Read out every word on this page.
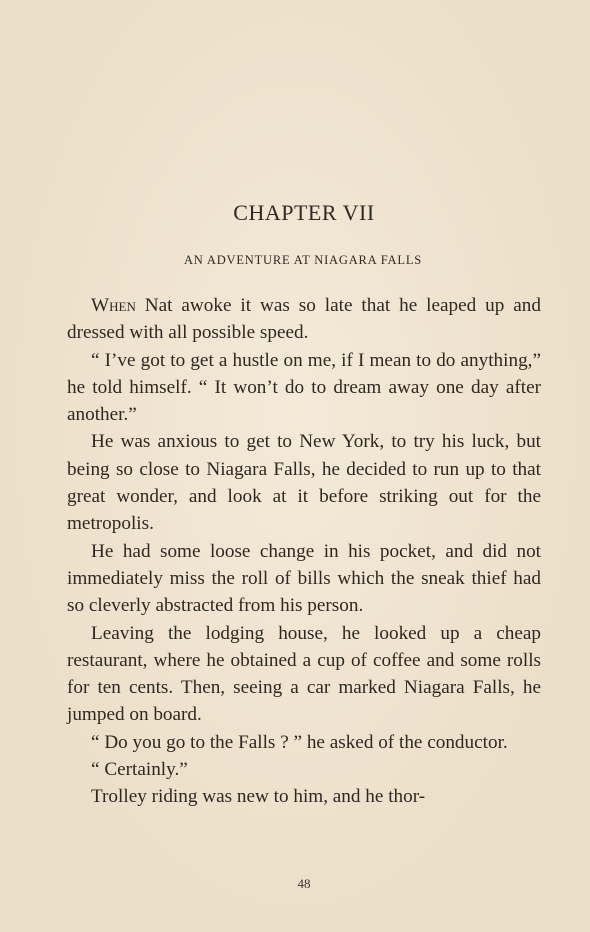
CHAPTER VII
AN ADVENTURE AT NIAGARA FALLS

When Nat awoke it was so late that he leaped up and dressed with all possible speed.

“ I’ve got to get a hustle on me, if I mean to do anything,” he told himself. “ It won’t do to dream away one day after another.”

He was anxious to get to New York, to try his luck, but being so close to Niagara Falls, he decided to run up to that great wonder, and look at it before striking out for the metropolis.

He had some loose change in his pocket, and did not immediately miss the roll of bills which the sneak thief had so cleverly abstracted from his person.

Leaving the lodging house, he looked up a cheap restaurant, where he obtained a cup of coffee and some rolls for ten cents. Then, seeing a car marked Niagara Falls, he jumped on board.

“ Do you go to the Falls ? ” he asked of the conductor.

“ Certainly.”

Trolley riding was new to him, and he thor-

48
